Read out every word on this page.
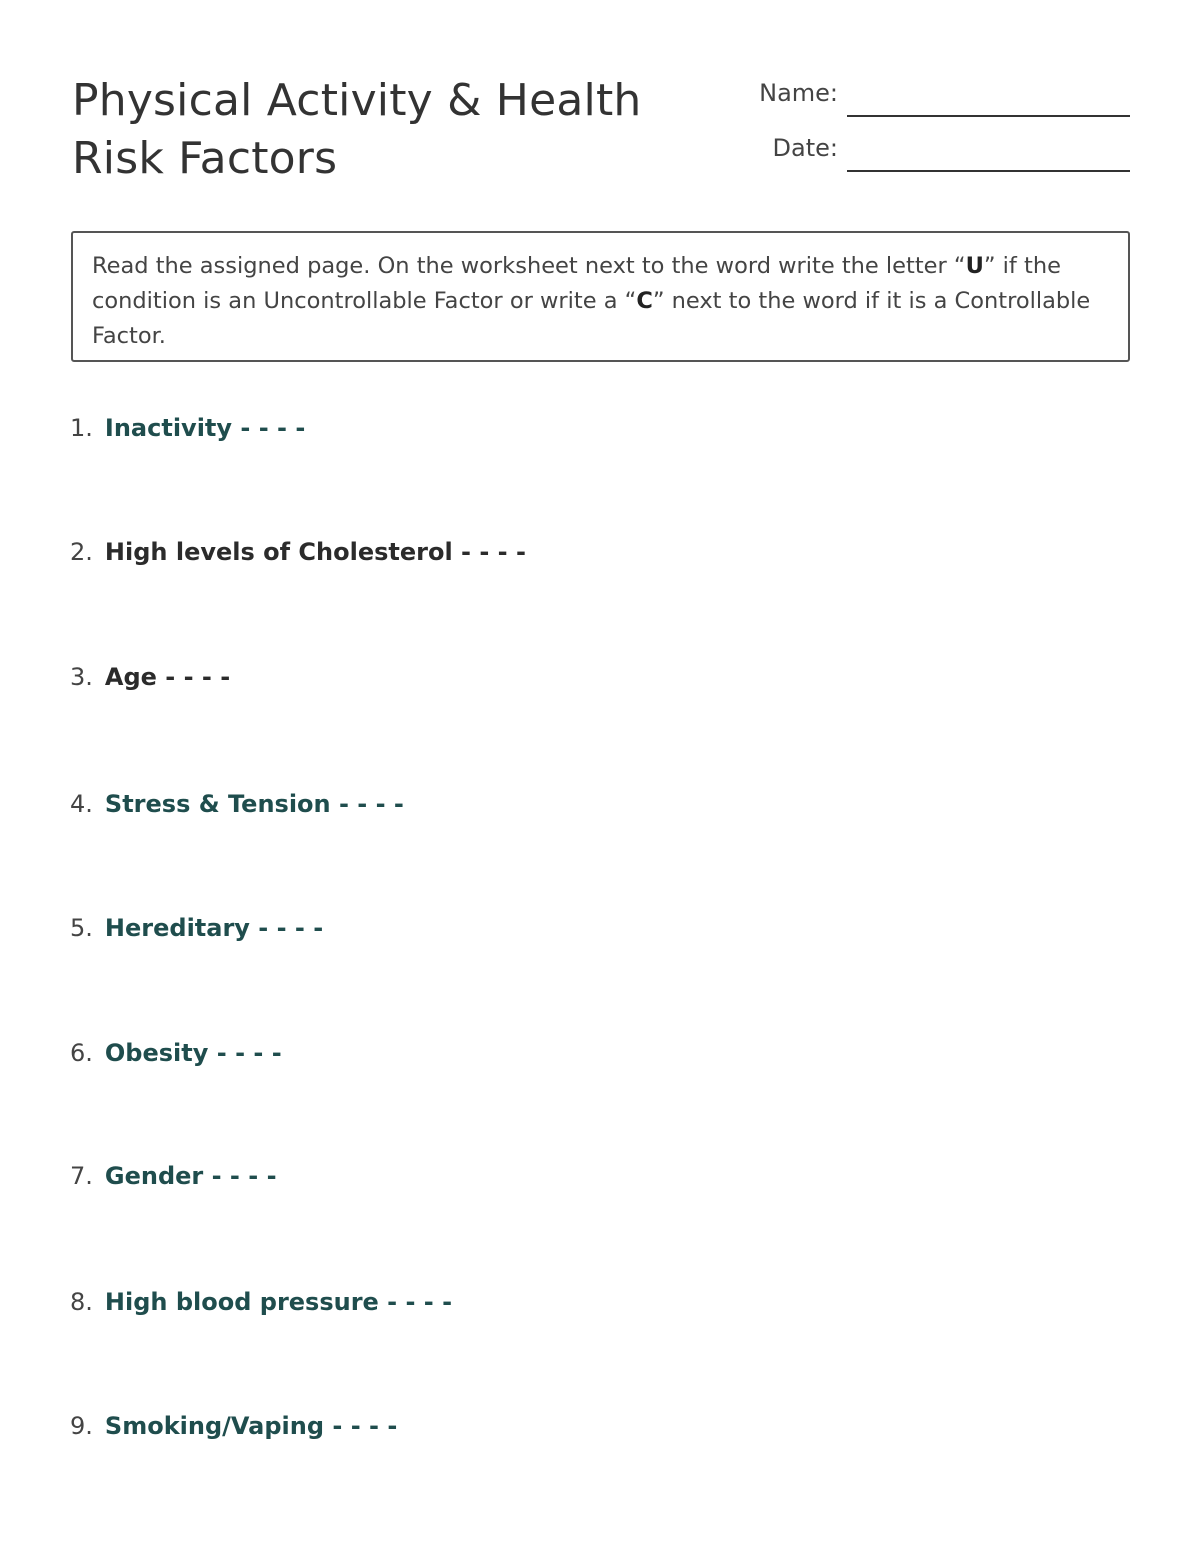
Physical Activity & Health
Risk Factors
Name:
Date:
Read the assigned page. On the worksheet next to the word write the letter “U” if the condition is an Uncontrollable Factor or write a “C” next to the word if it is a Controllable Factor.
1. Inactivity - - - -
2. High levels of Cholesterol - - - -
3. Age - - - -
4. Stress & Tension - - - -
5. Hereditary - - - -
6. Obesity - - - -
7. Gender - - - -
8. High blood pressure - - - -
9. Smoking/Vaping - - - -
